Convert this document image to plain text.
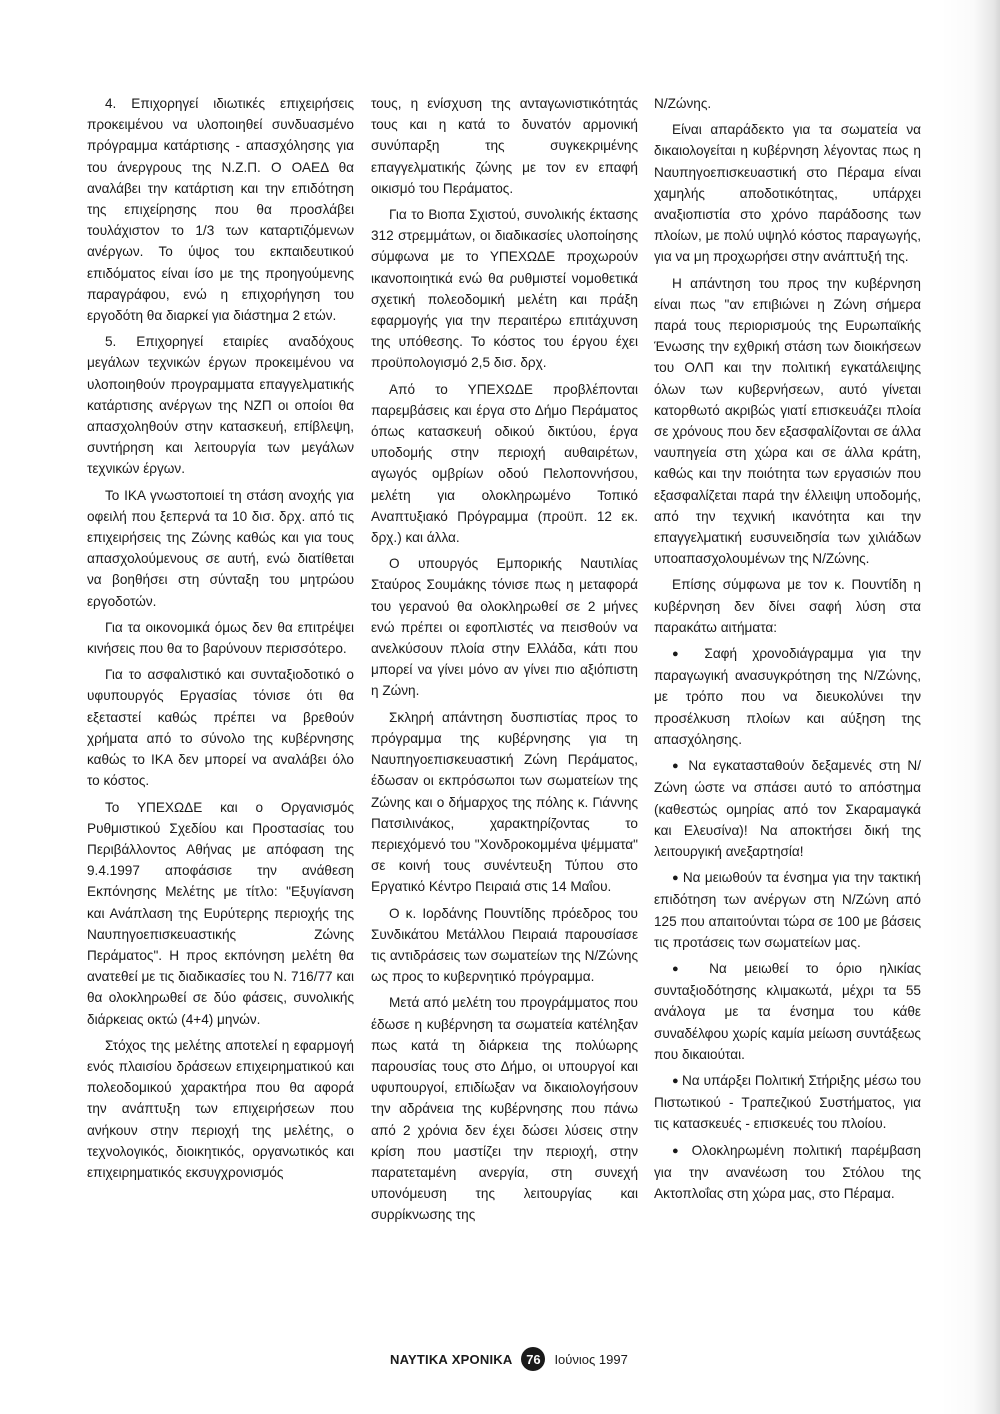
4. Επιχορηγεί ιδιωτικές επιχειρήσεις προκειμένου να υλοποιηθεί συνδυασμένο πρόγραμμα κατάρτισης - απασχόλησης για του άνεργρους της Ν.Ζ.Π. Ο ΟΑΕΔ θα αναλάβει την κατάρτιση και την επιδότηση της επιχείρησης που θα προσλάβει τουλάχιστον το 1/3 των καταρτιζόμενων ανέργων. Το ύψος του εκπαιδευτικού επιδόματος είναι ίσο με της προηγούμενης παραγράφου, ενώ η επιχορήγηση του εργοδότη θα διαρκεί για διάστημα 2 ετών.

5. Επιχορηγεί εταιρίες αναδόχους μεγάλων τεχνικών έργων προκειμένου να υλοποιηθούν προγραμματα επαγγελματικής κατάρτισης ανέργων της ΝΖΠ οι οποίοι θα απασχοληθούν στην κατασκευή, επίβλεψη, συντήρηση και λειτουργία των μεγάλων τεχνικών έργων.

Το ΙΚΑ γνωστοποιεί τη στάση ανοχής για οφειλή που ξεπερνά τα 10 δισ. δρχ. από τις επιχειρήσεις της Ζώνης καθώς και για τους απασχολούμενους σε αυτή, ενώ διατίθεται να βοηθήσει στη σύνταξη του μητρώου εργοδοτών.

Για τα οικονομικά όμως δεν θα επιτρέψει κινήσεις που θα το βαρύνουν περισσότερο.

Για το ασφαλιστικό και συνταξιοδοτικό ο υφυπουργός Εργασίας τόνισε ότι θα εξεταστεί καθώς πρέπει να βρεθούν χρήματα από το σύνολο της κυβέρνησης καθώς το ΙΚΑ δεν μπορεί να αναλάβει όλο το κόστος.

Το ΥΠΕΧΩΔΕ και ο Οργανισμός Ρυθμιστικού Σχεδίου και Προστασίας του Περιβάλλοντος Αθήνας με απόφαση της 9.4.1997 αποφάσισε την ανάθεση Εκπόνησης Μελέτης με τίτλο: "Εξυγίανση και Ανάπλαση της Ευρύτερης περιοχής της Ναυπηγοεπισκευαστικής Ζώνης Περάματος". Η προς εκπόνηση μελέτη θα ανατεθεί με τις διαδικασίες του Ν. 716/77 και θα ολοκληρωθεί σε δύο φάσεις, συνολικής διάρκειας οκτώ (4+4) μηνών.

Στόχος της μελέτης αποτελεί η εφαρμογή ενός πλαισίου δράσεων επιχειρηματικού και πολεοδομικού χαρακτήρα που θα αφορά την ανάπτυξη των επιχειρήσεων που ανήκουν στην περιοχή της μελέτης, ο τεχνολογικός, διοικητικός, οργανωτικός και επιχειρηματικός εκσυγχρονισμός

τους, η ενίσχυση της ανταγωνιστικότητάς τους και η κατά το δυνατόν αρμονική συνύπαρξη της συγκεκριμένης επαγγελματικής ζώνης με τον εν επαφή οικισμό του Περάματος.

Για το Βιοπα Σχιστού, συνολικής έκτασης 312 στρεμμάτων, οι διαδικασίες υλοποίησης σύμφωνα με το ΥΠΕΧΩΔΕ προχωρούν ικανοποιητικά ενώ θα ρυθμιστεί νομοθετικά σχετική πολεοδομική μελέτη και πράξη εφαρμογής για την περαιτέρω επιτάχυνση της υπόθεσης. Το κόστος του έργου έχει προϋπολογισμό 2,5 δισ. δρχ.

Από το ΥΠΕΧΩΔΕ προβλέπονται παρεμβάσεις και έργα στο Δήμο Περάματος όπως κατασκευή οδικού δικτύου, έργα υποδομής στην περιοχή αυθαιρέτων, αγωγός ομβρίων οδού Πελοποννήσου, μελέτη για ολοκληρωμένο Τοπικό Αναπτυξιακό Πρόγραμμα (προϋπ. 12 εκ. δρχ.) και άλλα.

Ο υπουργός Εμπορικής Ναυτιλίας Σταύρος Σουμάκης τόνισε πως η μεταφορά του γερανού θα ολοκληρωθεί σε 2 μήνες ενώ πρέπει οι εφοπλιστές να πεισθούν να ανελκύσουν πλοία στην Ελλάδα, κάτι που μπορεί να γίνει μόνο αν γίνει πιο αξιόπιστη η Ζώνη.

Σκληρή απάντηση δυσπιστίας προς το πρόγραμμα της κυβέρνησης για τη Ναυπηγοεπισκευαστική Ζώνη Περάματος, έδωσαν οι εκπρόσωποι των σωματείων της Ζώνης και ο δήμαρχος της πόλης κ. Γιάννης Πατσιλινάκος, χαρακτηρίζοντας το περιεχόμενό του "Χονδροκομμένα ψέμματα" σε κοινή τους συνέντευξη Τύπου στο Εργατικό Κέντρο Πειραιά στις 14 Μαΐου.

Ο κ. Ιορδάνης Πουντίδης πρόεδρος του Συνδικάτου Μετάλλου Πειραιά παρουσίασε τις αντιδράσεις των σωματείων της Ν/Ζώνης ως προς το κυβερνητικό πρόγραμμα.

Μετά από μελέτη του προγράμματος που έδωσε η κυβέρνηση τα σωματεία κατέληξαν πως κατά τη διάρκεια της πολύωρης παρουσίας τους στο Δήμο, οι υπουργοί και υφυπουργοί, επιδίωξαν να δικαιολογήσουν την αδράνεια της κυβέρνησης που πάνω από 2 χρόνια δεν έχει δώσει λύσεις στην κρίση που μαστίζει την περιοχή, στην παρατεταμένη ανεργία, στη συνεχή υπονόμευση της λειτουργίας και συρρίκνωσης της

Ν/Ζώνης.

Είναι απαράδεκτο για τα σωματεία να δικαιολογείται η κυβέρνηση λέγοντας πως η Ναυπηγοεπισκευαστική στο Πέραμα είναι χαμηλής αποδοτικότητας, υπάρχει αναξιοπιστία στο χρόνο παράδοσης των πλοίων, με πολύ υψηλό κόστος παραγωγής, για να μη προχωρήσει στην ανάπτυξή της.

Η απάντηση του προς την κυβέρνηση είναι πως "αν επιβιώνει η Ζώνη σήμερα παρά τους περιορισμούς της Ευρωπαϊκής Ένωσης την εχθρική στάση των διοικήσεων του ΟΛΠ και την πολιτική εγκατάλειψης όλων των κυβερνήσεων, αυτό γίνεται κατορθωτό ακριβώς γιατί επισκευάζει πλοία σε χρόνους που δεν εξασφαλίζονται σε άλλα ναυπηγεία στη χώρα και σε άλλα κράτη, καθώς και την ποιότητα των εργασιών που εξασφαλίζεται παρά την έλλειψη υποδομής, από την τεχνική ικανότητα και την επαγγελματική ευσυνειδησία των χιλιάδων υποαπασχολουμένων της Ν/Ζώνης.

Επίσης σύμφωνα με τον κ. Πουντίδη η κυβέρνηση δεν δίνει σαφή λύση στα παρακάτω αιτήματα:

● Σαφή χρονοδιάγραμμα για την παραγωγική ανασυγκρότηση της Ν/Ζώνης, με τρόπο που να διευκολύνει την προσέλκυση πλοίων και αύξηση της απασχόλησης.

● Να εγκατασταθούν δεξαμενές στη Ν/Ζώνη ώστε να σπάσει αυτό το απόστημα (καθεστώς ομηρίας από τον Σκαραμαγκά και Ελευσίνα)! Να αποκτήσει δική της λειτουργική ανεξαρτησία!

● Να μειωθούν τα ένσημα για την τακτική επιδότηση των ανέργων στη Ν/Ζώνη από 125 που απαιτούνται τώρα σε 100 με βάσεις τις προτάσεις των σωματείων μας.

● Να μειωθεί το όριο ηλικίας συνταξιοδότησης κλιμακωτά, μέχρι τα 55 ανάλογα με τα ένσημα του κάθε συναδέλφου χωρίς καμία μείωση συντάξεως που δικαιούται.

● Να υπάρξει Πολιτική Στήριξης μέσω του Πιστωτικού - Τραπεζικού Συστήματος, για τις κατασκευές - επισκευές του πλοίου.

● Ολοκληρωμένη πολιτική παρέμβαση για την ανανέωση του Στόλου της Ακτοπλοΐας στη χώρα μας, στο Πέραμα.

ΝΑΥΤΙΚΑ ΧΡΟΝΙΚΑ	76	Ιούνιος 1997
